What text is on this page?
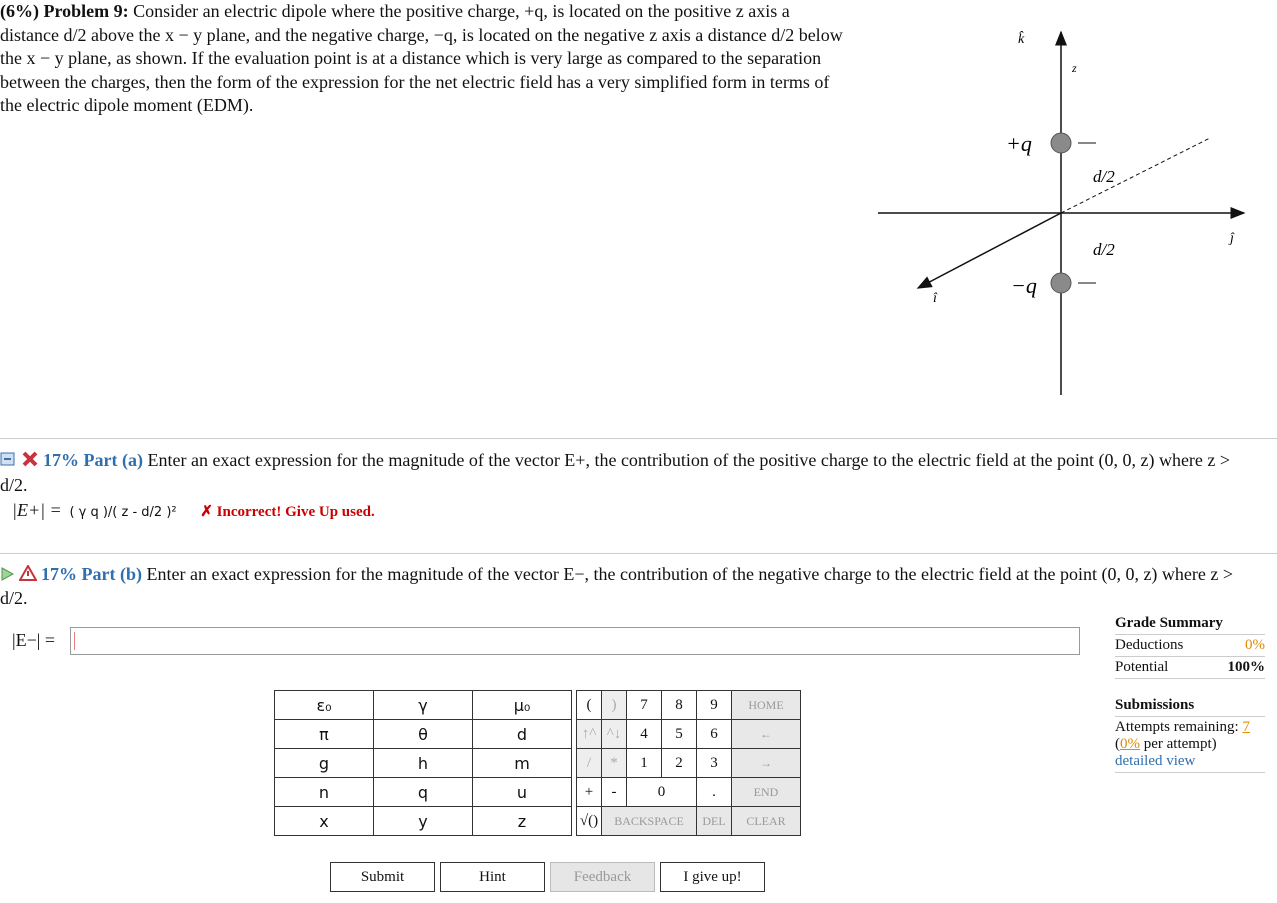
(6%) Problem 9: Consider an electric dipole where the positive charge, +q, is located on the positive z axis a distance d/2 above the x − y plane, and the negative charge, −q, is located on the negative z axis a distance d/2 below the x − y plane, as shown. If the evaluation point is at a distance which is very large as compared to the separation between the charges, then the form of the expression for the net electric field has a very simplified form in terms of the electric dipole moment (EDM).
k̂
z
ĵ
î
+q
−q
d/2
d/2
17% Part (a) Enter an exact expression for the magnitude of the vector E+, the contribution of the positive charge to the electric field at the point (0, 0, z) where z > d/2.
|E+| = ( γ q )/( z - d/2 )² ✗ Incorrect! Give Up used.
17% Part (b) Enter an exact expression for the magnitude of the vector E−, the contribution of the negative charge to the electric field at the point (0, 0, z) where z > d/2.
|E−| =
ε₀	γ	μ₀
π	θ	d
g	h	m
n	q	u
x	y	z
(	)	7	8	9	HOME
↑^	^↓	4	5	6	←
/	*	1	2	3	→
+	-	0		.	END
√()	BACKSPACE			DEL	CLEAR
Submit	Hint	Feedback	I give up!
Grade Summary
Deductions	0%
Potential	100%
Submissions
Attempts remaining: 7
(0% per attempt)
detailed view
